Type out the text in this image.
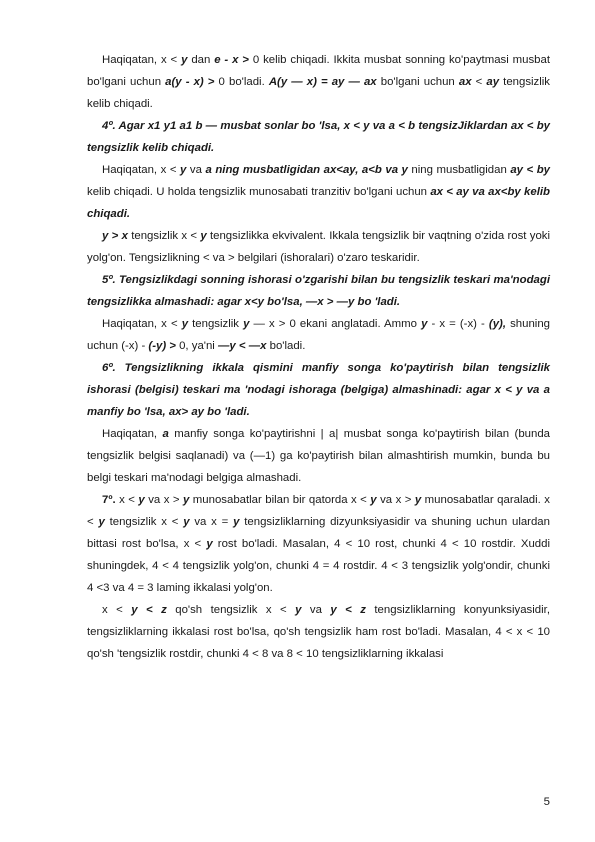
Haqiqatan, x < y dan e - x > 0 kelib chiqadi. Ikkita musbat sonning ko'paytmasi musbat bo'lgani uchun a(y - x) > 0 bo'ladi. A(y — x) = ay — ax bo'lgani uchun ax < ay tengsizlik kelib chiqadi.

4º. Agar x1 y1 a1 b — musbat sonlar bo 'lsa, x < y va a < b tengsizJiklardan ax < by tengsizlik kelib chiqadi.

Haqiqatan, x < y va a ning musbatligidan ax<ay, a<b va y ning musbatligidan ay < by kelib chiqadi. U holda tengsizlik munosabati tranzitiv bo'lgani uchun ax < ay va ax<by kelib chiqadi.

y > x tengsizlik x < y tengsizlikka ekvivalent. Ikkala tengsizlik bir vaqtning o'zida rost yoki yolg'on. Tengsizlikning < va > belgilari (ishoralari) o'zaro teskaridir.

5º. Tengsizlikdagi sonning ishorasi o'zgarishi bilan bu tengsizlik teskari ma'nodagi tengsizlikka almashadi: agar x<y bo'lsa, —x > —y bo 'ladi.

Haqiqatan, x < y tengsizlik y — x > 0 ekani anglatadi. Ammo y - x = (-x) - (y), shuning uchun (-x) - (-y) > 0, ya'ni —y < —x bo'ladi.

6º. Tengsizlikning ikkala qismini manfiy songa ko'paytirish bilan tengsizlik ishorasi (belgisi) teskari ma 'nodagi ishoraga (belgiga) almashinadi: agar x < y va a manfiy bo 'lsa, ax> ay bo 'ladi.

Haqiqatan, a manfiy songa ko'paytirishni | a| musbat songa ko'paytirish bilan (bunda tengsizlik belgisi saqlanadi) va (—1) ga ko'paytirish bilan almashtirish mumkin, bunda bu belgi teskari ma'nodagi belgiga almashadi.

7º. x < y va x > y munosabatlar bilan bir qatorda x < y va x > y munosabatlar qaraladi. x < y tengsizlik x < y va x = y tengsizliklarning dizyunksiyasidir va shuning uchun ulardan bittasi rost bo'lsa, x < y rost bo'ladi. Masalan, 4 < 10 rost, chunki 4 < 10 rostdir. Xuddi shuningdek, 4 < 4 tengsizlik yolg'on, chunki 4 = 4 rostdir. 4 < 3 tengsizlik yolg'ondir, chunki 4 <3 va 4 = 3 laming ikkalasi yolg'on.

x < y < z qo'sh tengsizlik x < y va y < z tengsizliklarning konyunksiyasidir, tengsizliklarning ikkalasi rost bo'lsa, qo'sh tengsizlik ham rost bo'ladi. Masalan, 4 < x < 10 qo'sh 'tengsizlik rostdir, chunki 4 < 8 va 8 < 10 tengsizliklarning ikkalasi

5
